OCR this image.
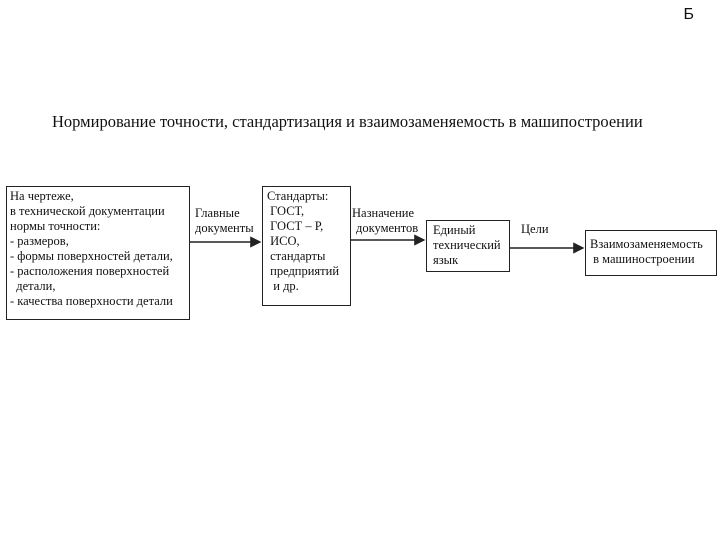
Б
Нормирование точности, стандартизация и взаимозаменяемость в машипостроении
На чертеже,
в технической документации
нормы точности:
- размеров,
- формы поверхностей детали,
- расположения поверхностей
детали,
- качества поверхности детали
Стандарты:
ГОСТ,
ГОСТ – Р,
ИСО,
стандарты
предприятий
и др.
Единый
технический
язык
Взаимозаменяемость
в машиностроении
Главные
документы
Назначение
документов	Цели
